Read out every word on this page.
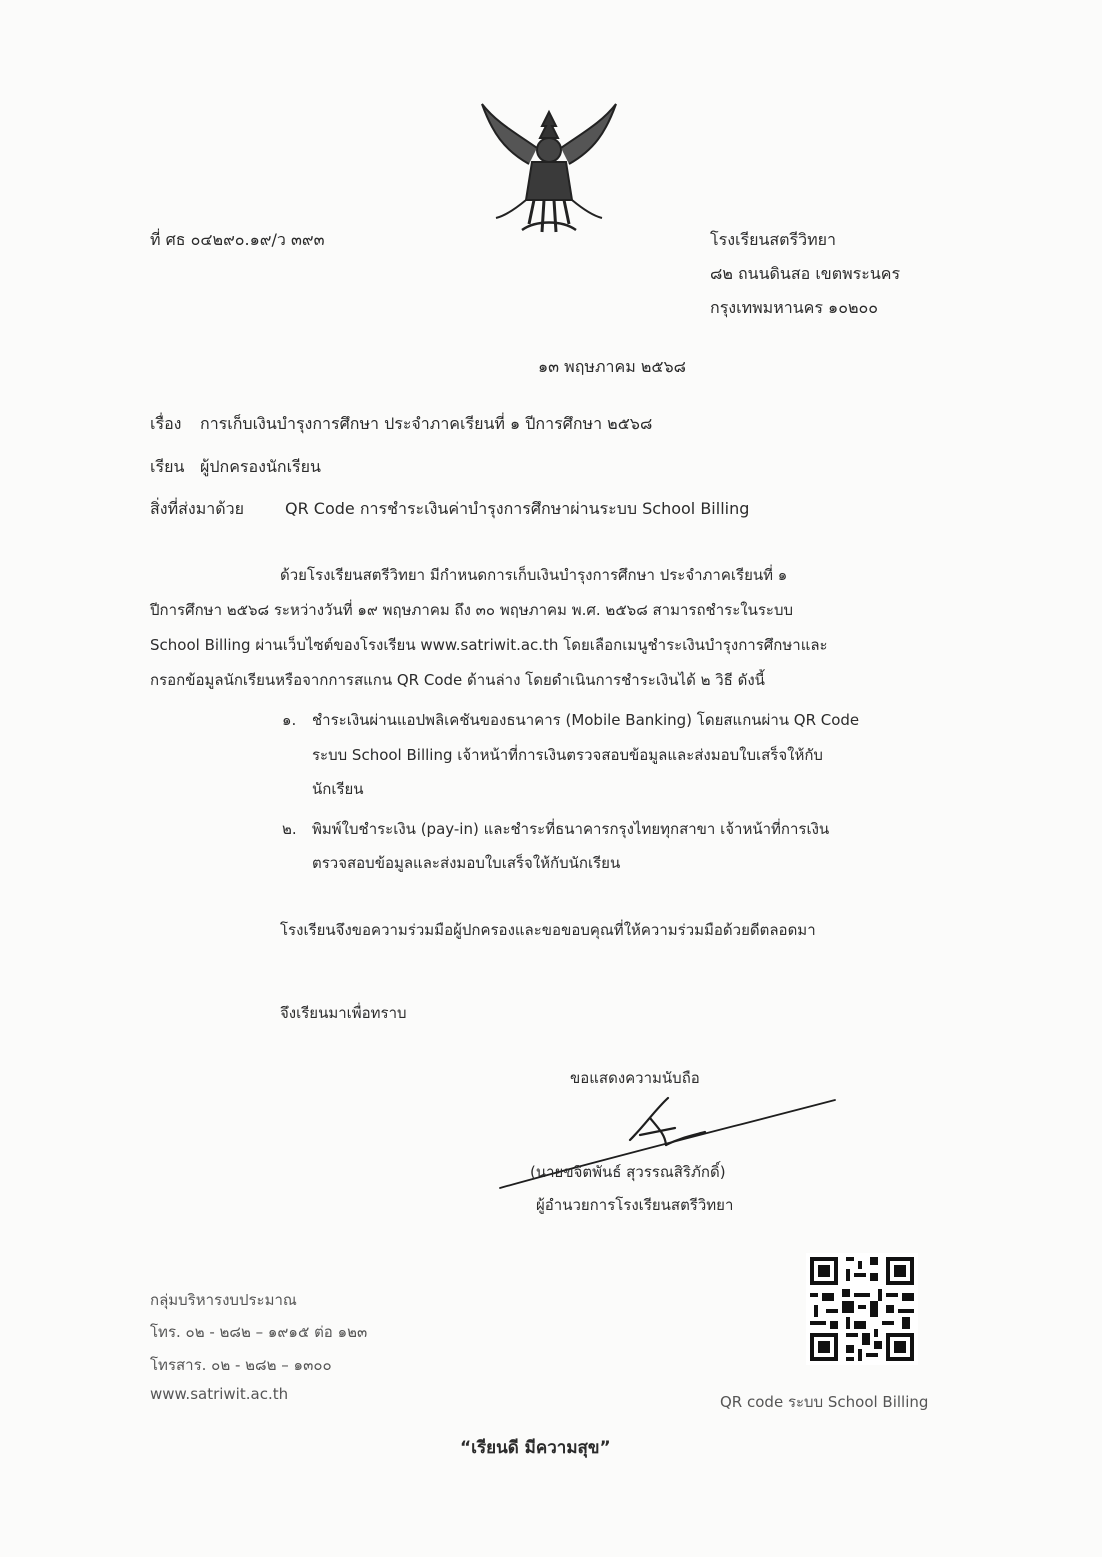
ที่ ศธ ๐๔๒๙๐.๑๙/ว ๓๙๓	โรงเรียนสตรีวิทยา
๘๒ ถนนดินสอ เขตพระนคร
กรุงเทพมหานคร ๑๐๒๐๐
๑๓ พฤษภาคม ๒๕๖๘
เรื่อง การเก็บเงินบำรุงการศึกษา ประจำภาคเรียนที่ ๑ ปีการศึกษา ๒๕๖๘
เรียน ผู้ปกครองนักเรียน
สิ่งที่ส่งมาด้วย	QR Code การชำระเงินค่าบำรุงการศึกษาผ่านระบบ School Billing
ด้วยโรงเรียนสตรีวิทยา มีกำหนดการเก็บเงินบำรุงการศึกษา ประจำภาคเรียนที่ ๑
ปีการศึกษา ๒๕๖๘ ระหว่างวันที่ ๑๙ พฤษภาคม ถึง ๓๐ พฤษภาคม พ.ศ. ๒๕๖๘ สามารถชำระในระบบ
School Billing ผ่านเว็บไซต์ของโรงเรียน www.satriwit.ac.th โดยเลือกเมนูชำระเงินบำรุงการศึกษาและ
กรอกข้อมูลนักเรียนหรือจากการสแกน QR Code ด้านล่าง โดยดำเนินการชำระเงินได้ ๒ วิธี ดังนี้
๑. ชำระเงินผ่านแอปพลิเคชันของธนาคาร (Mobile Banking) โดยสแกนผ่าน QR Code
ระบบ School Billing เจ้าหน้าที่การเงินตรวจสอบข้อมูลและส่งมอบใบเสร็จให้กับ
นักเรียน
๒. พิมพ์ใบชำระเงิน (pay-in) และชำระที่ธนาคารกรุงไทยทุกสาขา เจ้าหน้าที่การเงิน
ตรวจสอบข้อมูลและส่งมอบใบเสร็จให้กับนักเรียน
โรงเรียนจึงขอความร่วมมือผู้ปกครองและขอขอบคุณที่ให้ความร่วมมือด้วยดีตลอดมา
จึงเรียนมาเพื่อทราบ
ขอแสดงความนับถือ
(นายขจิตพันธ์ สุวรรณสิริภักดิ์)
ผู้อำนวยการโรงเรียนสตรีวิทยา
กลุ่มบริหารงบประมาณ
โทร. ๐๒ - ๒๘๒ – ๑๙๑๕ ต่อ ๑๒๓
โทรสาร. ๐๒ - ๒๘๒ – ๑๓๐๐
www.satriwit.ac.th	QR code ระบบ School Billing
“เรียนดี มีความสุข”
